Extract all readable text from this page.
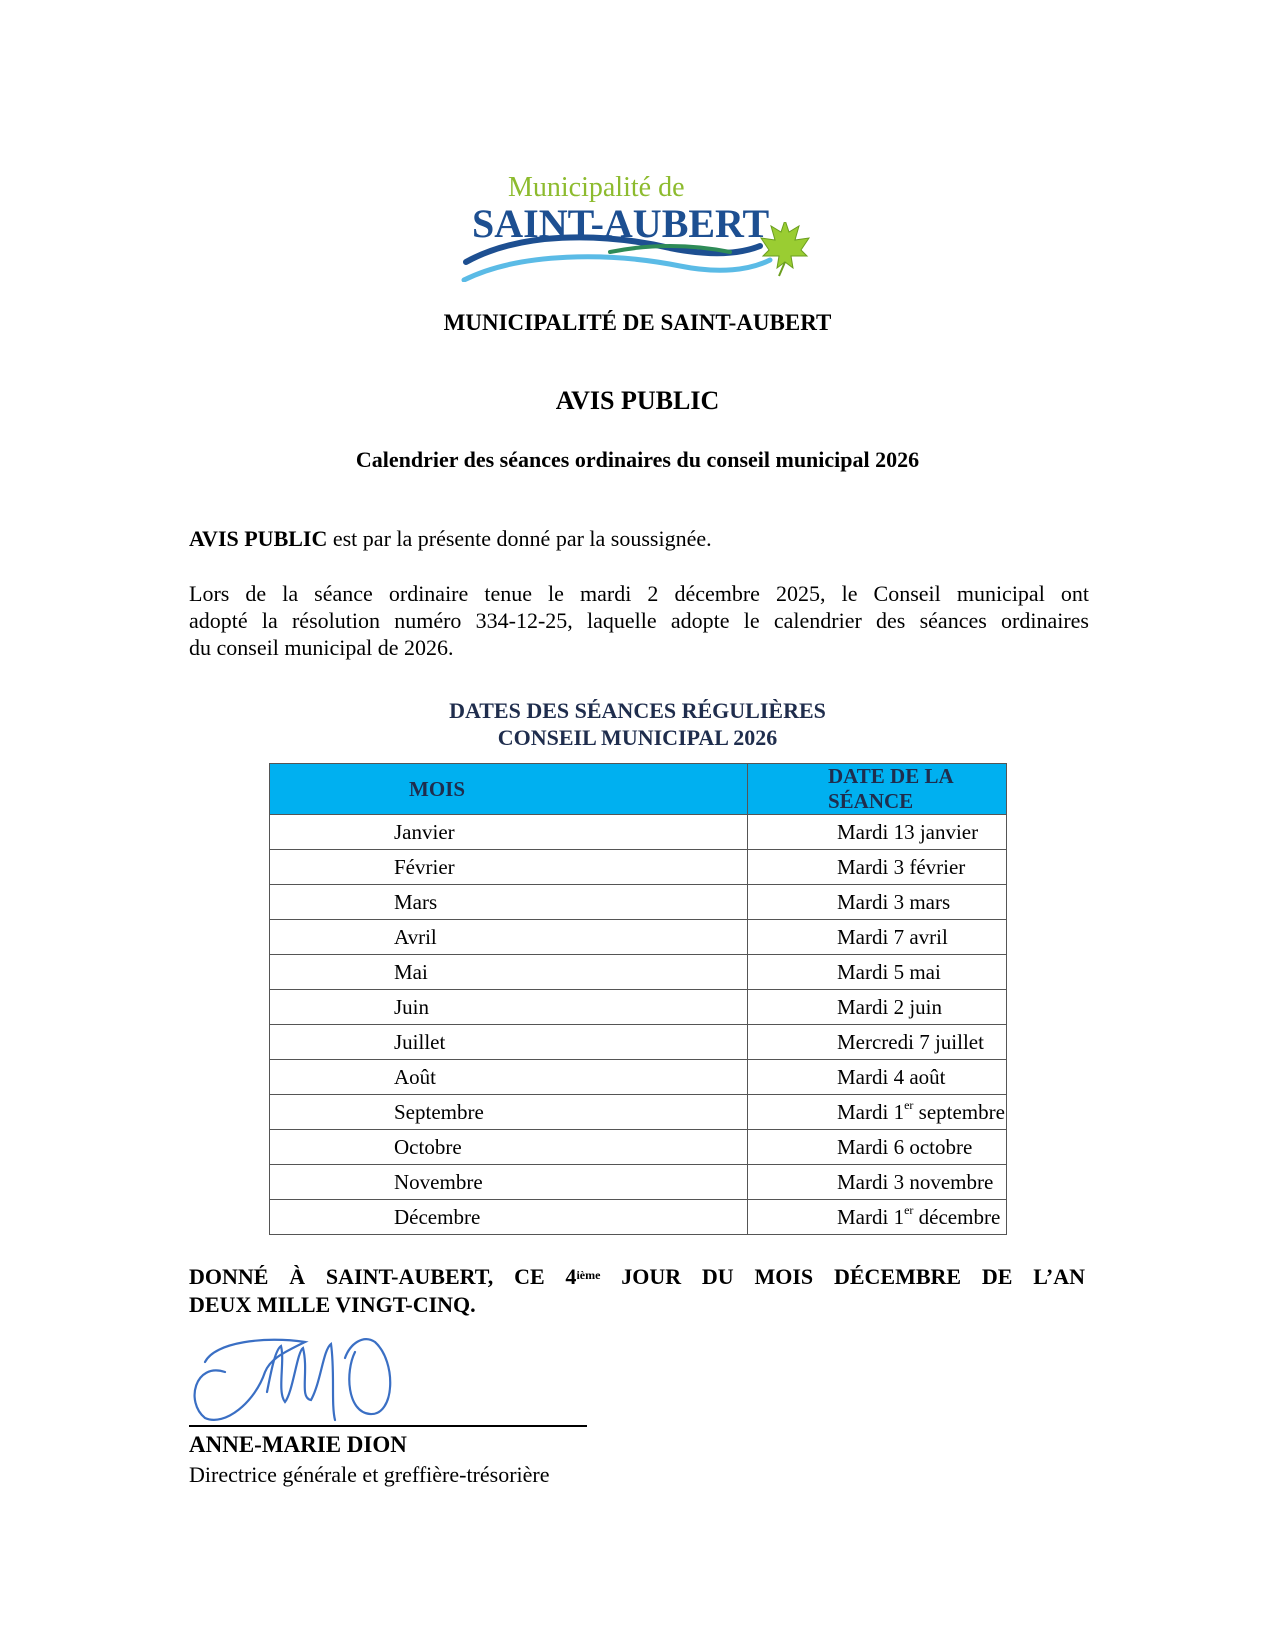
Municipalité de
SAINT-AUBERT
MUNICIPALITÉ DE SAINT-AUBERT
AVIS PUBLIC
Calendrier des séances ordinaires du conseil municipal 2026
AVIS PUBLIC est par la présente donné par la soussignée.
Lors de la séance ordinaire tenue le mardi 2 décembre 2025, le Conseil municipal ont
adopté la résolution numéro 334-12-25, laquelle adopte le calendrier des séances ordinaires
du conseil municipal de 2026.
DATES DES SÉANCES RÉGULIÈRES
CONSEIL MUNICIPAL 2026
MOIS	DATE DE LA SÉANCE
Janvier	Mardi 13 janvier
Février	Mardi 3 février
Mars	Mardi 3 mars
Avril	Mardi 7 avril
Mai	Mardi 5 mai
Juin	Mardi 2 juin
Juillet	Mercredi 7 juillet
Août	Mardi 4 août
Septembre	Mardi 1er septembre
Octobre	Mardi 6 octobre
Novembre	Mardi 3 novembre
Décembre	Mardi 1er décembre
DONNÉ À SAINT-AUBERT, CE 4ième JOUR DU MOIS DÉCEMBRE DE L’AN
DEUX MILLE VINGT-CINQ.
ANNE-MARIE DION
Directrice générale et greffière-trésorière
